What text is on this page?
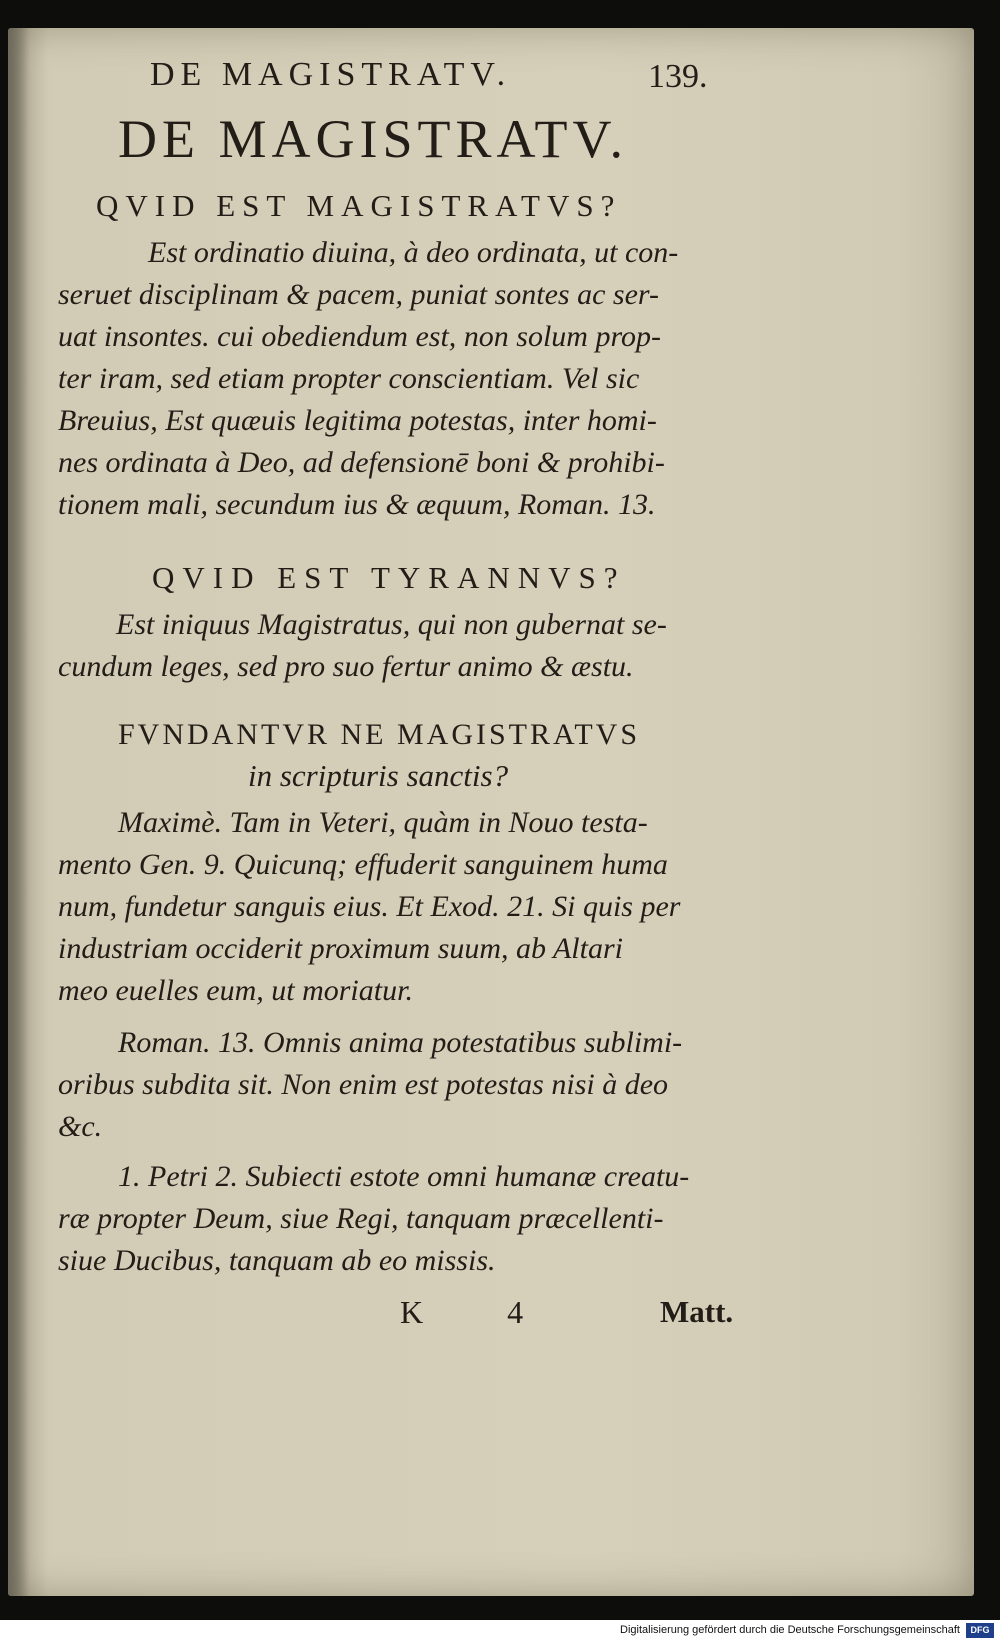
DE MAGISTRATV.	139.
DE MAGISTRATV.
QVID EST MAGISTRATVS?
Est ordinatio diuina, à deo ordinata, ut con-
seruet disciplinam & pacem, puniat sontes ac ser-
uat insontes. cui obediendum est, non solum prop-
ter iram, sed etiam propter conscientiam. Vel sic
Breuius, Est quæuis legitima potestas, inter homi-
nes ordinata à Deo, ad defensionē boni & prohibi-
tionem mali, secundum ius & æquum, Roman. 13.
QVID EST TYRANNVS?
Est iniquus Magistratus, qui non gubernat se-
cundum leges, sed pro suo fertur animo & æstu.
FVNDANTVR NE MAGISTRATVS
in scripturis sanctis?
Maximè. Tam in Veteri, quàm in Nouo testa-
mento Gen. 9. Quicunq; effuderit sanguinem huma
num, fundetur sanguis eius. Et Exod. 21. Si quis per
industriam occiderit proximum suum, ab Altari
meo euelles eum, ut moriatur.
Roman. 13. Omnis anima potestatibus sublimi-
oribus subdita sit. Non enim est potestas nisi à deo
&c.
1. Petri 2. Subiecti estote omni humanæ creatu-
ræ propter Deum, siue Regi, tanquam præcellenti-
siue Ducibus, tanquam ab eo missis.
K	4	Matt.
Digitalisierung gefördert durch die Deutsche Forschungsgemeinschaft	DFG
